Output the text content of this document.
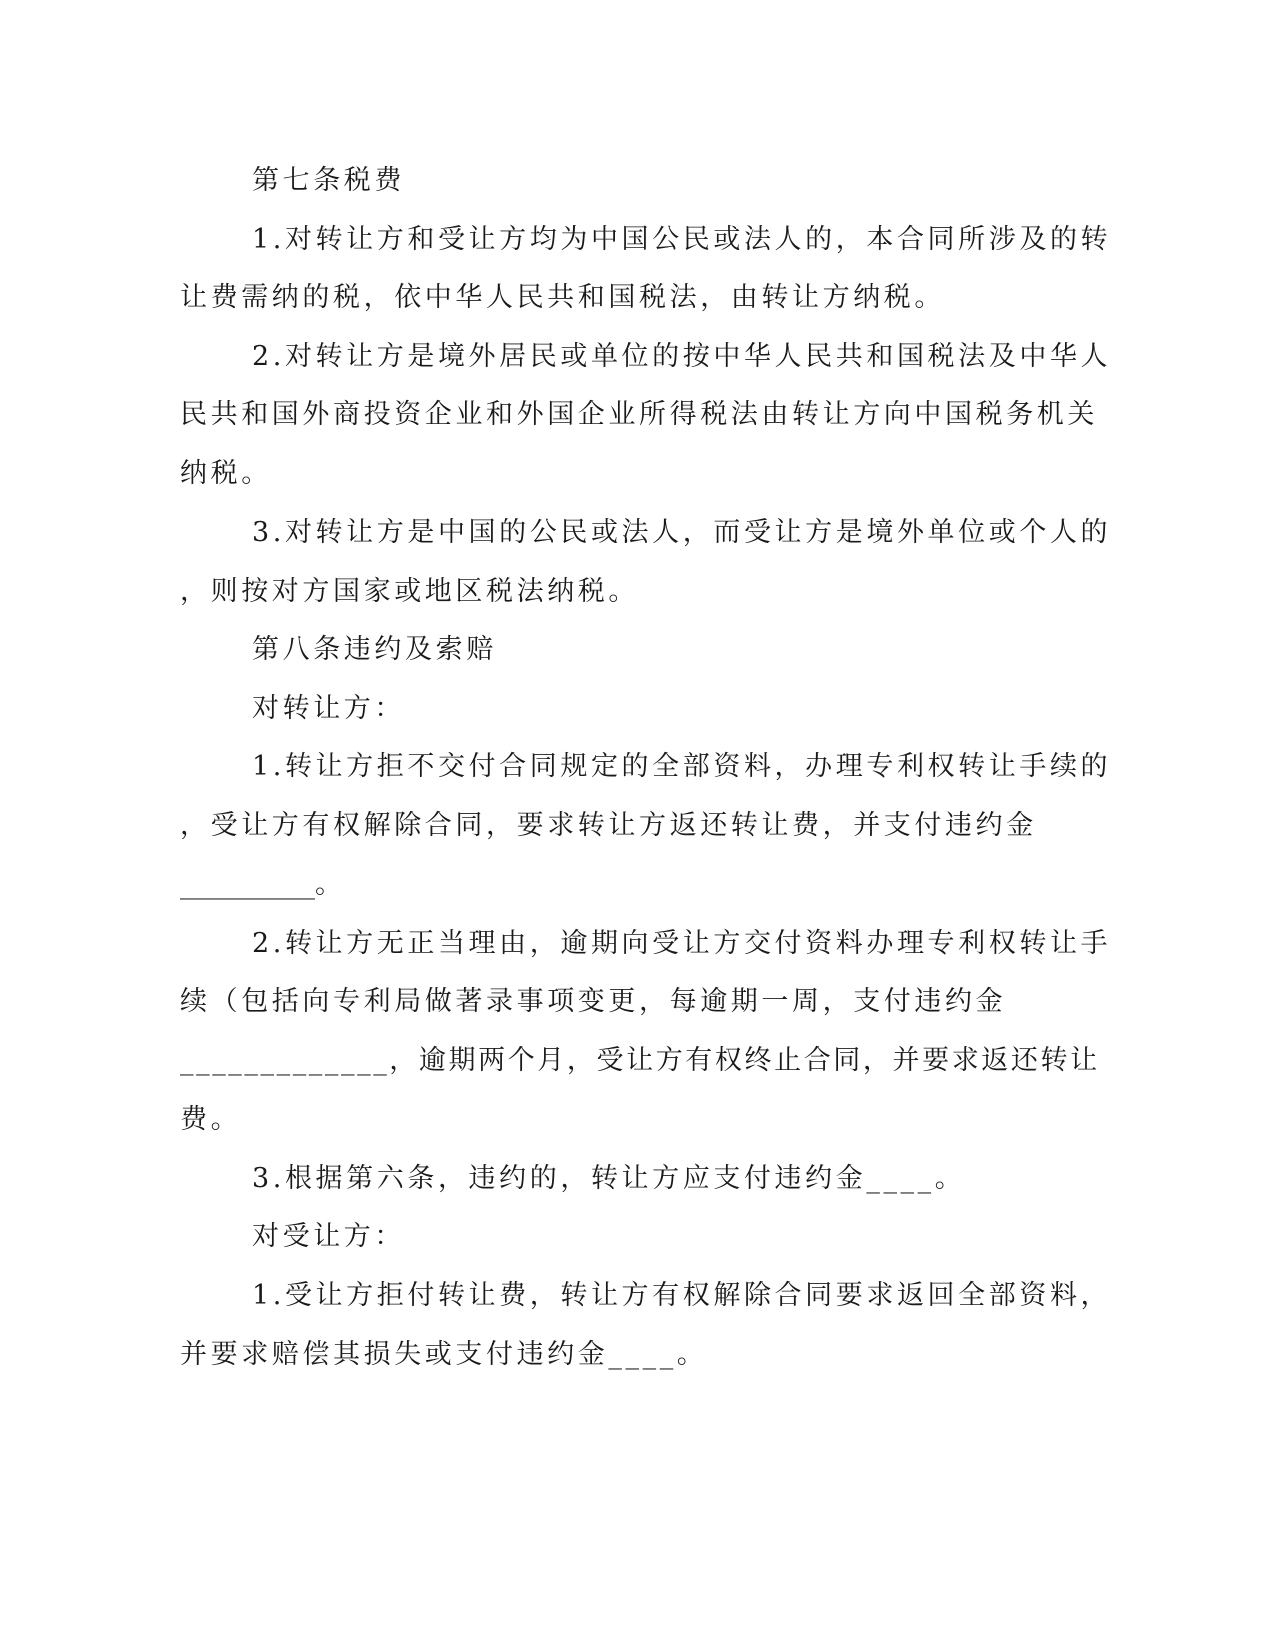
第七条税费
1.对转让方和受让方均为中国公民或法人的，本合同所涉及的转
让费需纳的税，依中华人民共和国税法，由转让方纳税。
2.对转让方是境外居民或单位的按中华人民共和国税法及中华人
民共和国外商投资企业和外国企业所得税法由转让方向中国税务机关
纳税。
3.对转让方是中国的公民或法人，而受让方是境外单位或个人的
，则按对方国家或地区税法纳税。
第八条违约及索赔
对转让方：
1.转让方拒不交付合同规定的全部资料，办理专利权转让手续的
，受让方有权解除合同，要求转让方返还转让费，并支付违约金
__________。
2.转让方无正当理由，逾期向受让方交付资料办理专利权转让手
续（包括向专利局做著录事项变更，每逾期一周，支付违约金
_____________，逾期两个月，受让方有权终止合同，并要求返还转让
费。
3.根据第六条，违约的，转让方应支付违约金____。
对受让方：
1.受让方拒付转让费，转让方有权解除合同要求返回全部资料，
并要求赔偿其损失或支付违约金____。
